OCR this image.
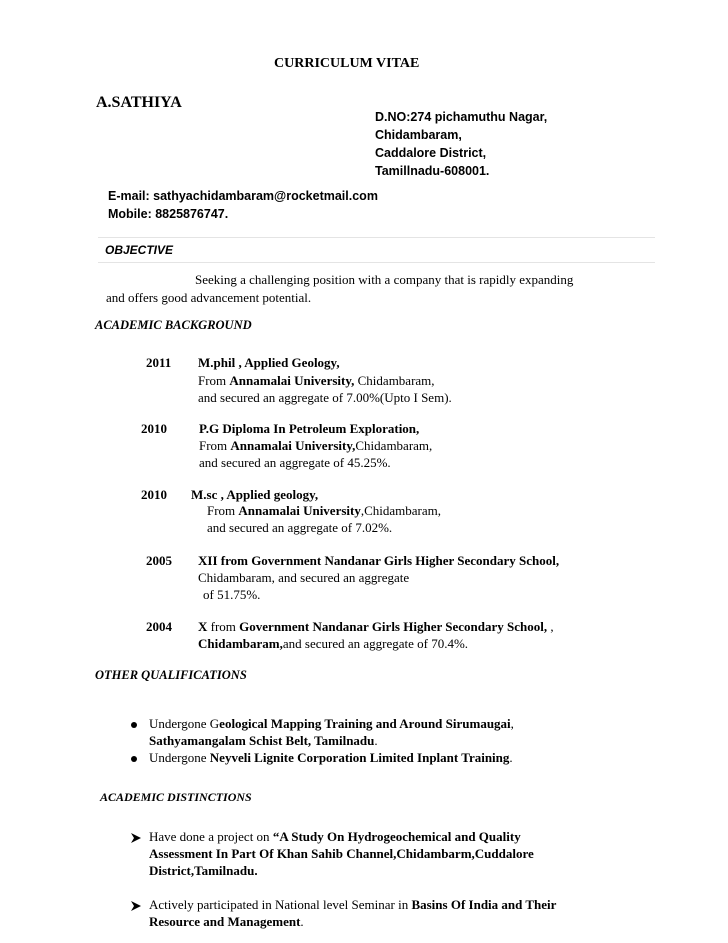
CURRICULUM VITAE
A.SATHIYA
D.NO:274 pichamuthu Nagar,
Chidambaram,
Caddalore District,
Tamillnadu-608001.
E-mail: sathyachidambaram@rocketmail.com
Mobile: 8825876747.
OBJECTIVE
Seeking a challenging position with a company that is rapidly expanding
and offers good advancement potential.
ACADEMIC BACKGROUND
2011 M.phil , Applied Geology,
From Annamalai University, Chidambaram,
and secured an aggregate of 7.00%(Upto I Sem).
2010 P.G Diploma In Petroleum Exploration,
From Annamalai University,Chidambaram,
and secured an aggregate of 45.25%.
2010 M.sc , Applied geology,
From Annamalai University,Chidambaram,
and secured an aggregate of 7.02%.
2005 XII from Government Nandanar Girls Higher Secondary School,
Chidambaram, and secured an aggregate
of 51.75%.
2004 X from Government Nandanar Girls Higher Secondary School, ,
Chidambaram,and secured an aggregate of 70.4%.
OTHER QUALIFICATIONS
Undergone Geological Mapping Training and Around Sirumaugai,
Sathyamangalam Schist Belt, Tamilnadu.
Undergone Neyveli Lignite Corporation Limited Inplant Training.
ACADEMIC DISTINCTIONS
Have done a project on “A Study On Hydrogeochemical and Quality
Assessment In Part Of Khan Sahib Channel,Chidambarm,Cuddalore
District,Tamilnadu.
Actively participated in National level Seminar in Basins Of India and Their
Resource and Management.
